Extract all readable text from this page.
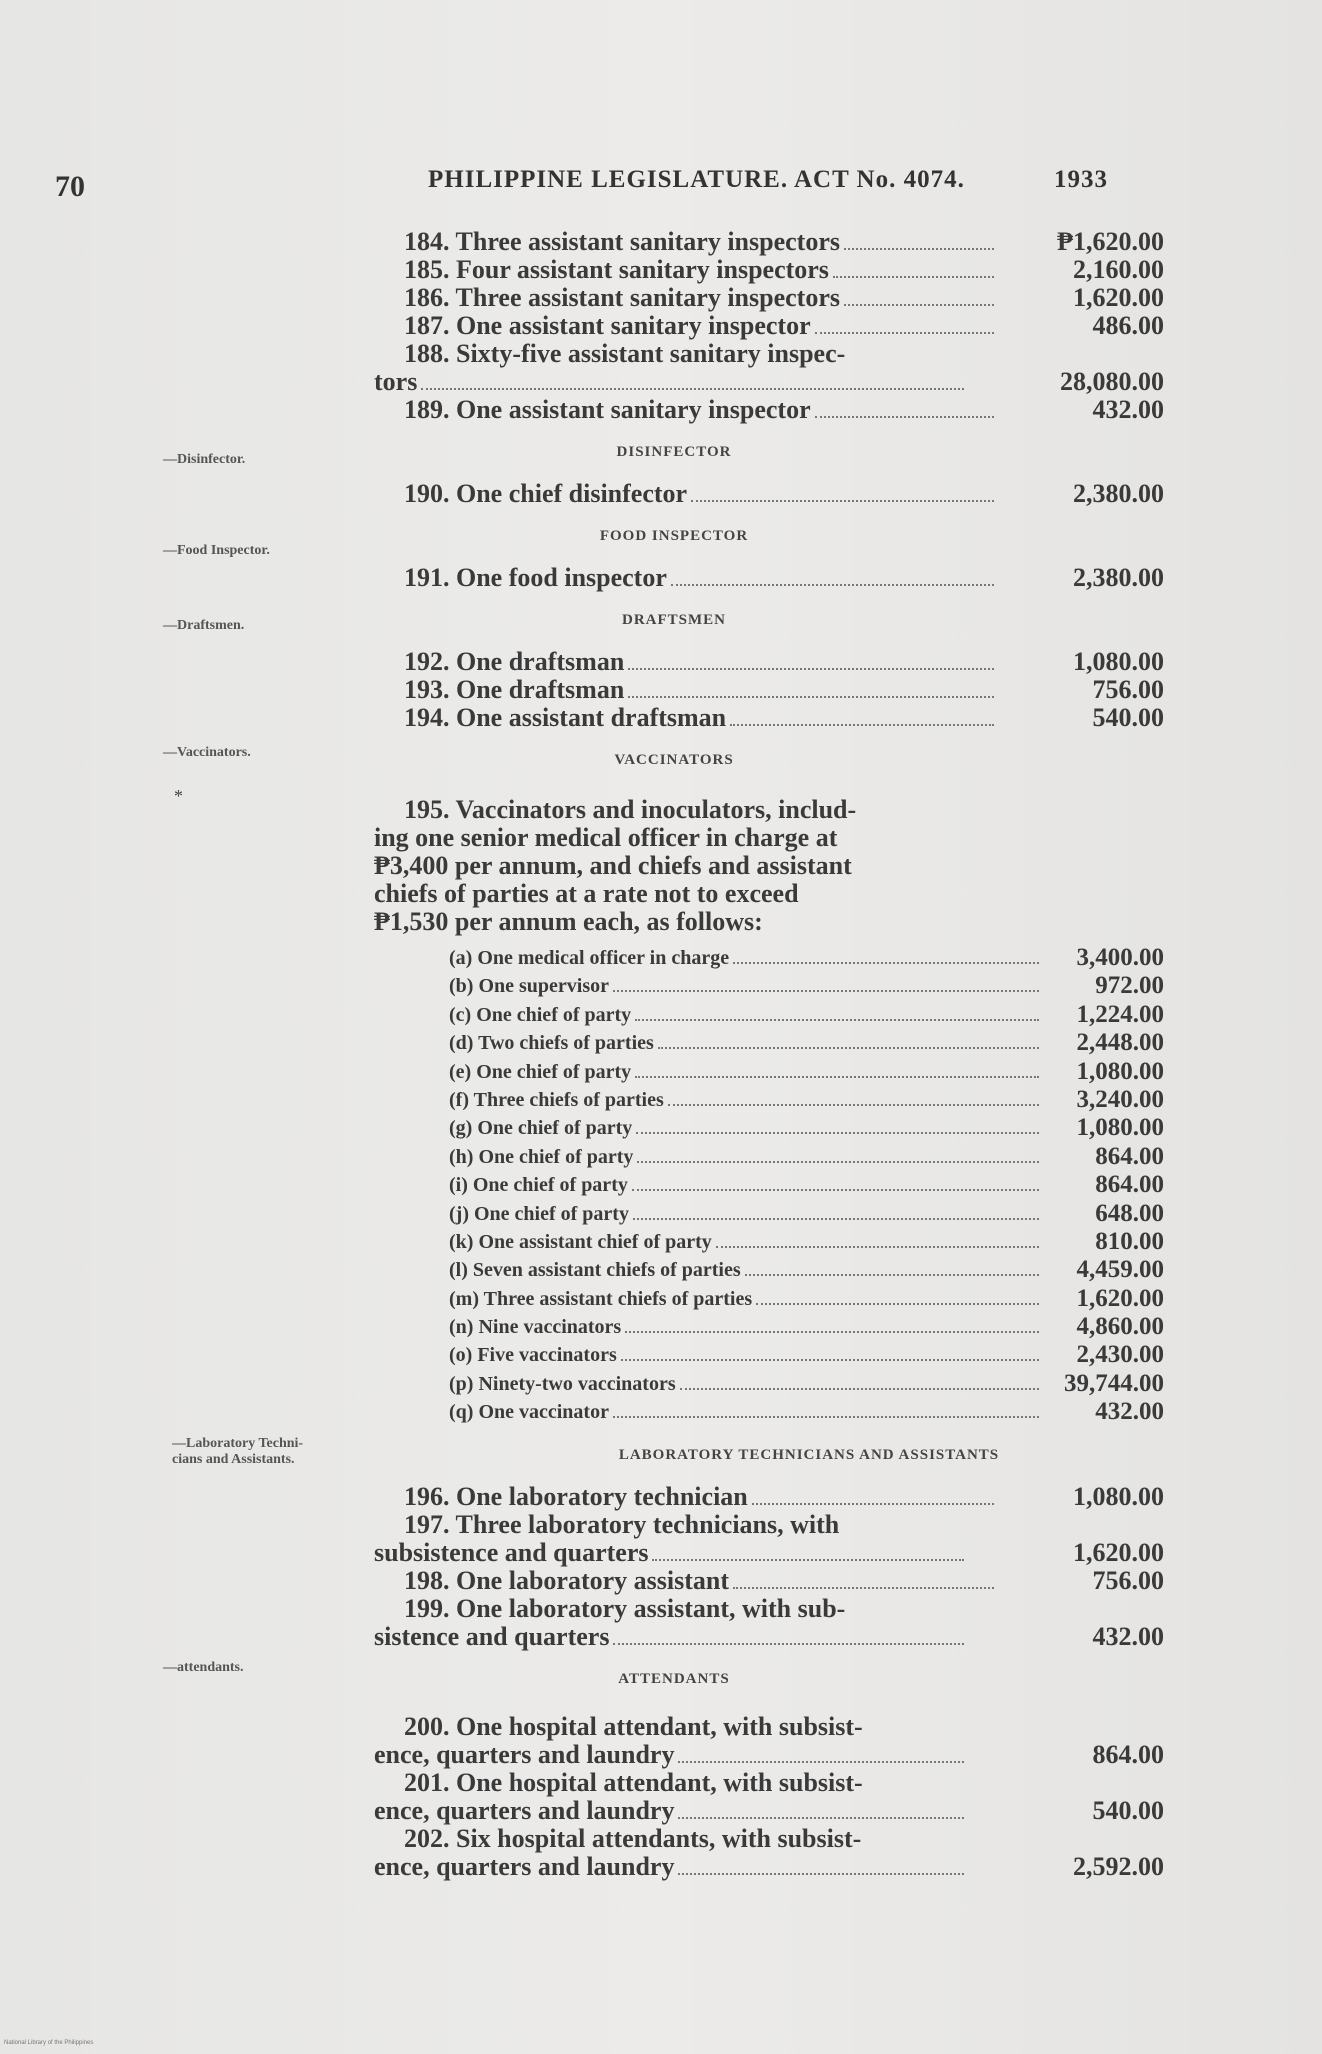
70	PHILIPPINE LEGISLATURE. ACT No. 4074.	1933
—Disinfector.
—Food Inspector.
—Draftsmen.
—Vaccinators.
*
—Laboratory Techni-
cians and Assistants.
—attendants.
184. Three assistant sanitary inspectors	₱1,620.00
185. Four assistant sanitary inspectors	2,160.00
186. Three assistant sanitary inspectors	1,620.00
187. One assistant sanitary inspector	486.00
188. Sixty-five assistant sanitary inspec-
tors	28,080.00
189. One assistant sanitary inspector	432.00
DISINFECTOR
190. One chief disinfector	2,380.00
FOOD INSPECTOR
191. One food inspector	2,380.00
DRAFTSMEN
192. One draftsman	1,080.00
193. One draftsman	756.00
194. One assistant draftsman	540.00
VACCINATORS
195. Vaccinators and inoculators, includ-
ing one senior medical officer in charge at
₱3,400 per annum, and chiefs and assistant
chiefs of parties at a rate not to exceed
₱1,530 per annum each, as follows:
(a) One medical officer in charge	3,400.00
(b) One supervisor	972.00
(c) One chief of party	1,224.00
(d) Two chiefs of parties	2,448.00
(e) One chief of party	1,080.00
(f) Three chiefs of parties	3,240.00
(g) One chief of party	1,080.00
(h) One chief of party	864.00
(i) One chief of party	864.00
(j) One chief of party	648.00
(k) One assistant chief of party	810.00
(l) Seven assistant chiefs of parties	4,459.00
(m) Three assistant chiefs of parties	1,620.00
(n) Nine vaccinators	4,860.00
(o) Five vaccinators	2,430.00
(p) Ninety-two vaccinators	39,744.00
(q) One vaccinator	432.00
LABORATORY TECHNICIANS AND ASSISTANTS
196. One laboratory technician	1,080.00
197. Three laboratory technicians, with
subsistence and quarters	1,620.00
198. One laboratory assistant	756.00
199. One laboratory assistant, with sub-
sistence and quarters	432.00
ATTENDANTS
200. One hospital attendant, with subsist-
ence, quarters and laundry	864.00
201. One hospital attendant, with subsist-
ence, quarters and laundry	540.00
202. Six hospital attendants, with subsist-
ence, quarters and laundry	2,592.00
National Library of the Philippines
